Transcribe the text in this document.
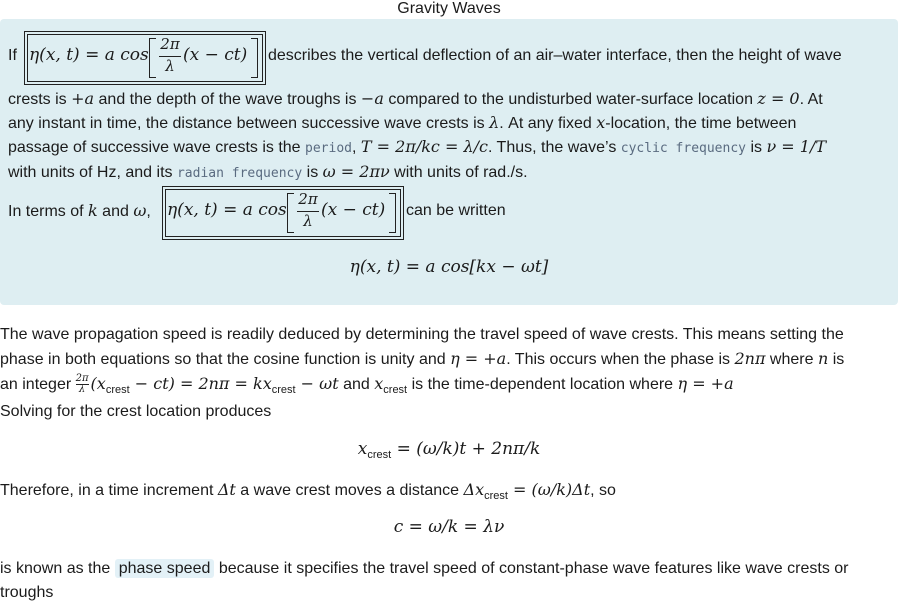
Gravity Waves
If η(x, t) = a cos
2π
λ
(x − ct) describes the vertical deflection of an air–water interface, then the height of wave
crests is +a and the depth of the wave troughs is −a compared to the undisturbed water-surface location z = 0. At
any instant in time, the distance between successive wave crests is λ. At any fixed x-location, the time between
passage of successive wave crests is the period, T = 2π/kc = λ/c. Thus, the wave’s cyclic frequency is ν = 1/T
with units of Hz, and its radian frequency is ω = 2πν with units of rad./s.
In terms of k and ω, η(x, t) = a cos
2π
λ
(x − ct) can be written
η(x, t) = a cos[kx − ωt]
The wave propagation speed is readily deduced by determining the travel speed of wave crests. This means setting the
phase in both equations so that the cosine function is unity and η = +a. This occurs when the phase is 2nπ where n is
an integer $\frac{2\pi}{\lambda} (x_{crest} - ct) = 2n\pi = kx_{crest} - \omega t$ and $x_{crest}$ is the time-dependent location where η = +a
Solving for the crest location produces
$x_{crest} = (\omega/k)t + 2n\pi/k$
Therefore, in a time increment Δt a wave crest moves a distance $\Delta x_{crest} = (\omega/k)\Delta t$, so
c = ω/k = λν
is known as the phase speed because it specifies the travel speed of constant-phase wave features like wave crests or
troughs
